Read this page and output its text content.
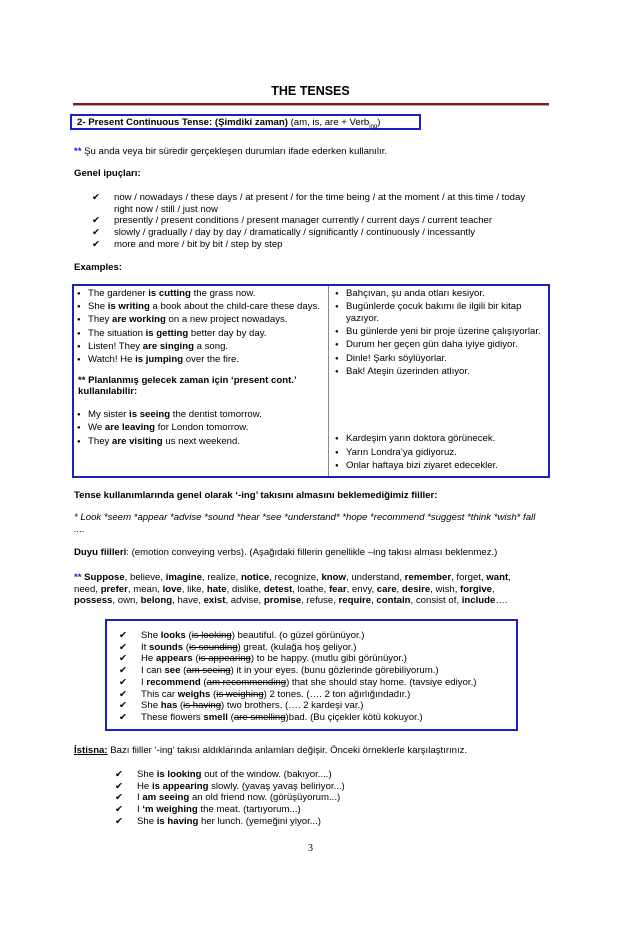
THE TENSES
2- Present Continuous Tense: (Şimdiki zaman) (am, is, are + Verb$_{ing}$)
** Şu anda veya bir süredir gerçekleşen durumları ifade ederken kullanılır.
Genel ipuçları:
✔ now / nowadays / these days / at present / for the time being / at the moment / at this time / today right now / still / just now
✔ presently / present conditions / present manager currently / current days / current teacher
✔ slowly / gradually / day by day / dramatically / significantly / continuously / incessantly
✔ more and more / bit by bit / step by step
Examples:
● The gardener is cutting the grass now.
● She is writing a book about the child-care these days.
● They are working on a new project nowadays.
● The situation is getting better day by day.
● Listen! They are singing a song.
● Watch! He is jumping over the fire.
** Planlanmış gelecek zaman için ‘present cont.’ kullanılabilir:
● My sister is seeing the dentist tomorrow.
● We are leaving for London tomorrow.
● They are visiting us next weekend.
● Bahçıvan, şu anda otları kesiyor.
● Bugünlerde çocuk bakımı ile ilgili bir kitap yazıyor.
● Bu günlerde yeni bir proje üzerine çalışıyorlar.
● Durum her geçen gün daha iyiye gidiyor.
● Dinle! Şarkı söylüyorlar.
● Bak! Ateşin üzerinden atlıyor.
● Kardeşim yarın doktora görünecek.
● Yarın Londra’ya gidiyoruz.
● Onlar haftaya bizi ziyaret edecekler.
Tense kullanımlarında genel olarak ‘-ing’ takısını almasını beklemediğimiz fiiller:
* Look *seem *appear *advise *sound *hear *see *understand* *hope *recommend *suggest *think *wish* fall ....
Duyu fiilleri: (emotion conveying verbs). (Aşağıdaki fillerin genellikle –ing takısı alması beklenmez.)
** Suppose, believe, imagine, realize, notice, recognize, know, understand, remember, forget, want,
need, prefer, mean, love, like, hate, dislike, detest, loathe, fear, envy, care, desire, wish, forgive,
possess, own, belong, have, exist, advise, promise, refuse, require, contain, consist of, include….
✔ She looks (is looking) beautiful. (o güzel görünüyor.)
✔ It sounds (is sounding) great. (kulağa hoş geliyor.)
✔ He appears (is appearing) to be happy. (mutlu gibi görünüyor.)
✔ I can see (am seeing) it in your eyes. (bunu gözlerinde görebiliyorum.)
✔ I recommend (am recommending) that she should stay home. (tavsiye ediyor.)
✔ This car weighs (is weighing) 2 tones. (…. 2 ton ağırlığındadır.)
✔ She has (is having) two brothers. (…. 2 kardeşi var.)
✔ These flowers smell (are smelling)bad. (Bu çiçekler kötü kokuyor.)
İstisna: Bazı fiiller ‘-ing’ takısı aldıklarında anlamları değişir. Önceki örneklerle karşılaştırınız.
✔ She is looking out of the window. (bakıyor....)
✔ He is appearing slowly. (yavaş yavaş beliriyor...)
✔ I am seeing an old friend now. (görüşüyorum...)
✔ I ‘m weighing the meat. (tartıyorum...)
✔ She is having her lunch. (yemeğini yiyor...)
3
